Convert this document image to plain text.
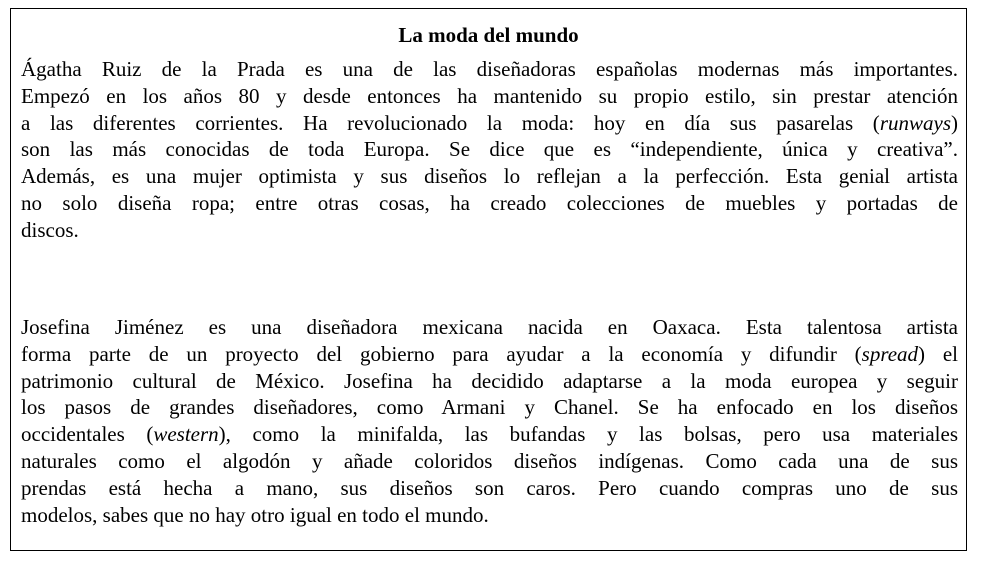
La moda del mundo
Ágatha Ruiz de la Prada es una de las diseñadoras españolas modernas más importantes.
Empezó en los años 80 y desde entonces ha mantenido su propio estilo, sin prestar atención
a las diferentes corrientes. Ha revolucionado la moda: hoy en día sus pasarelas (runways)
son las más conocidas de toda Europa. Se dice que es “independiente, única y creativa”.
Además, es una mujer optimista y sus diseños lo reflejan a la perfección. Esta genial artista
no solo diseña ropa; entre otras cosas, ha creado colecciones de muebles y portadas de
discos.
Josefina Jiménez es una diseñadora mexicana nacida en Oaxaca. Esta talentosa artista
forma parte de un proyecto del gobierno para ayudar a la economía y difundir (spread) el
patrimonio cultural de México. Josefina ha decidido adaptarse a la moda europea y seguir
los pasos de grandes diseñadores, como Armani y Chanel. Se ha enfocado en los diseños
occidentales (western), como la minifalda, las bufandas y las bolsas, pero usa materiales
naturales como el algodón y añade coloridos diseños indígenas. Como cada una de sus
prendas está hecha a mano, sus diseños son caros. Pero cuando compras uno de sus
modelos, sabes que no hay otro igual en todo el mundo.
